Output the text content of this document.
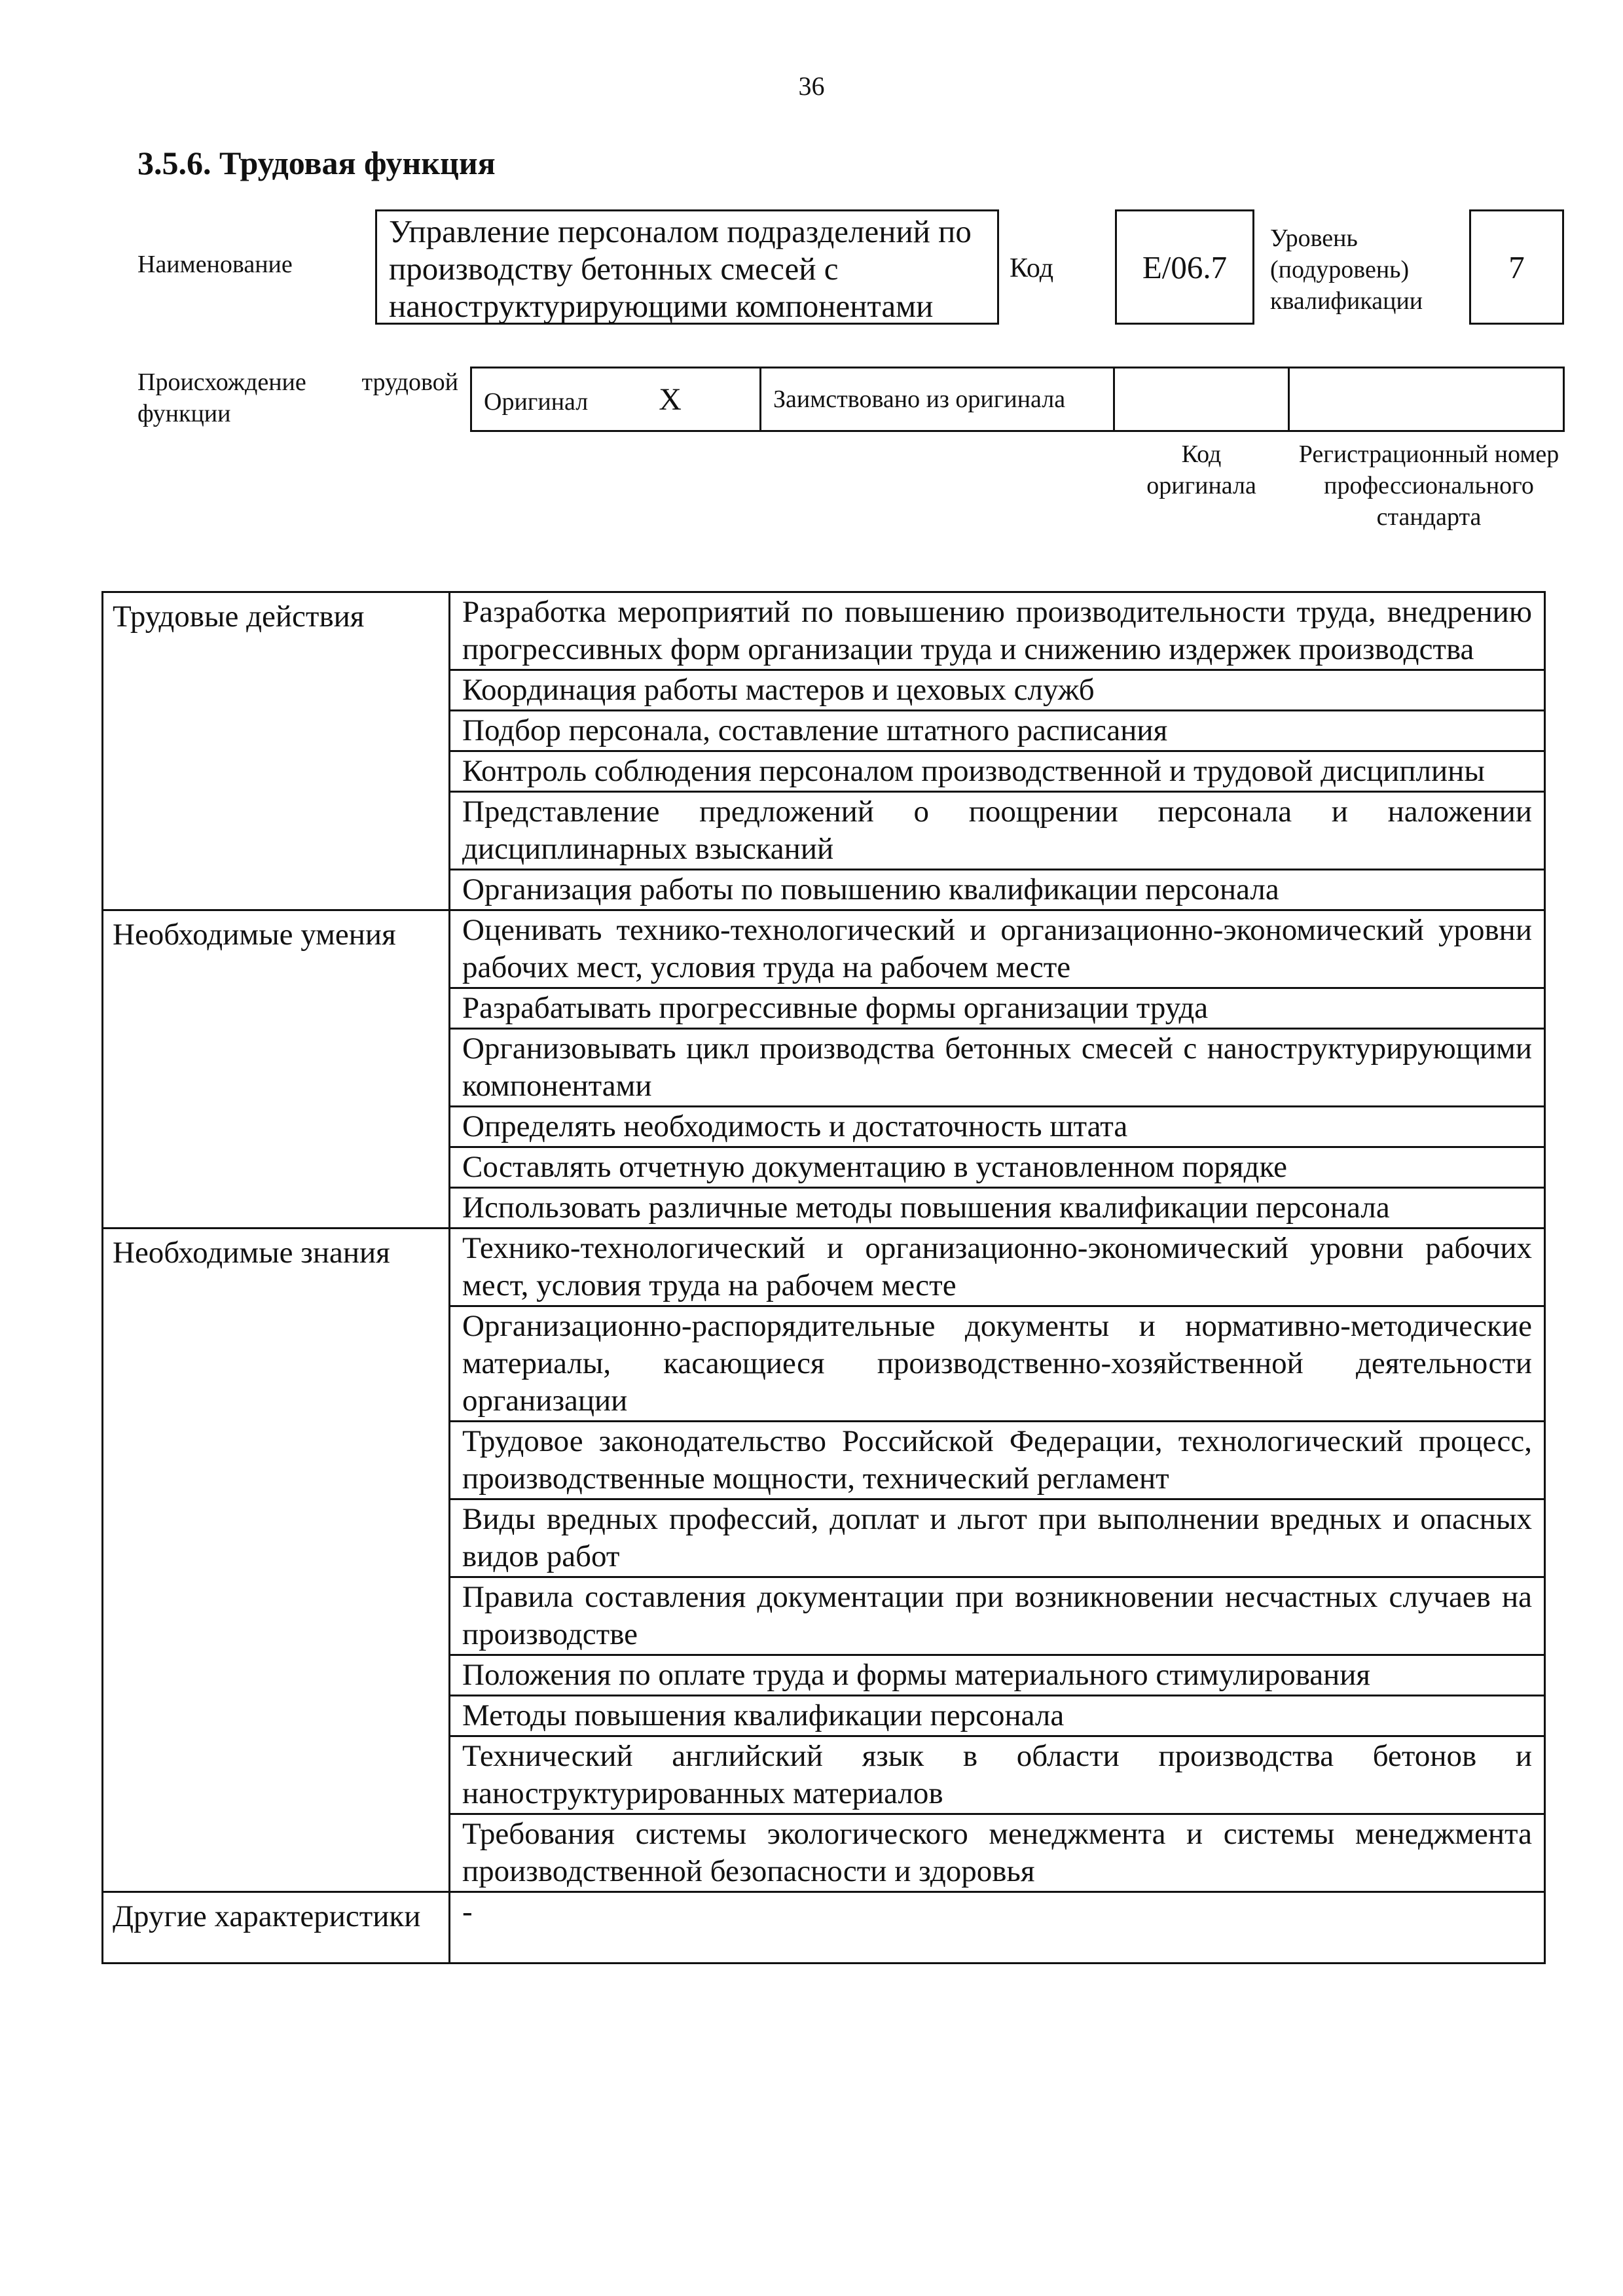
36
3.5.6. Трудовая функция
Наименование
Управление персоналом подразделений по производству бетонных смесей с наноструктурирующими компонентами
Код	E/06.7
Уровень (подуровень) квалификации
7
Происхождение трудовой функции	Оригинал X	Заимствовано из оригинала		
Код оригинала
Регистрационный номер профессионального стандарта
Трудовые действия	Разработка мероприятий по повышению производительности труда, внедрению прогрессивных форм организации труда и снижению издержек производства
	Координация работы мастеров и цеховых служб
	Подбор персонала, составление штатного расписания
	Контроль соблюдения персоналом производственной и трудовой дисциплины
	Представление предложений о поощрении персонала и наложении дисциплинарных взысканий
	Организация работы по повышению квалификации персонала
Необходимые умения	Оценивать технико-технологический и организационно-экономический уровни рабочих мест, условия труда на рабочем месте
	Разрабатывать прогрессивные формы организации труда
	Организовывать цикл производства бетонных смесей с наноструктурирующими компонентами
	Определять необходимость и достаточность штата
	Составлять отчетную документацию в установленном порядке
	Использовать различные методы повышения квалификации персонала
Необходимые знания	Технико-технологический и организационно-экономический уровни рабочих мест, условия труда на рабочем месте
	Организационно-распорядительные документы и нормативно-методические материалы, касающиеся производственно-хозяйственной деятельности организации
	Трудовое законодательство Российской Федерации, технологический процесс, производственные мощности, технический регламент
	Виды вредных профессий, доплат и льгот при выполнении вредных и опасных видов работ
	Правила составления документации при возникновении несчастных случаев на производстве
	Положения по оплате труда и формы материального стимулирования
	Методы повышения квалификации персонала
	Технический английский язык в области производства бетонов и наноструктурированных материалов
	Требования системы экологического менеджмента и системы менеджмента производственной безопасности и здоровья
Другие характеристики	-
